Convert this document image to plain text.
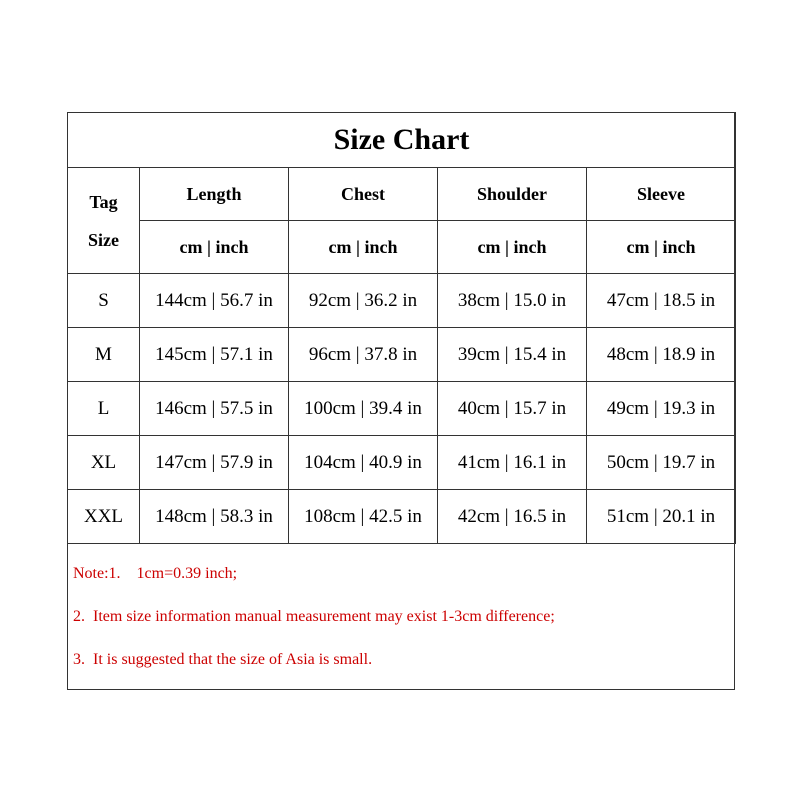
Size Chart				
Tag
Size	Length	Chest	Shoulder	Sleeve
	cm | inch	cm | inch	cm | inch	cm | inch
S	144cm | 56.7 in	92cm | 36.2 in	38cm | 15.0 in	47cm | 18.5 in
M	145cm | 57.1 in	96cm | 37.8 in	39cm | 15.4 in	48cm | 18.9 in
L	146cm | 57.5 in	100cm | 39.4 in	40cm | 15.7 in	49cm | 19.3 in
XL	147cm | 57.9 in	104cm | 40.9 in	41cm | 16.1 in	50cm | 19.7 in
XXL	148cm | 58.3 in	108cm | 42.5 in	42cm | 16.5 in	51cm | 20.1 in
Note:1.    1cm=0.39 inch;
2.  Item size information manual measurement may exist 1-3cm difference;
3.  It is suggested that the size of Asia is small.
